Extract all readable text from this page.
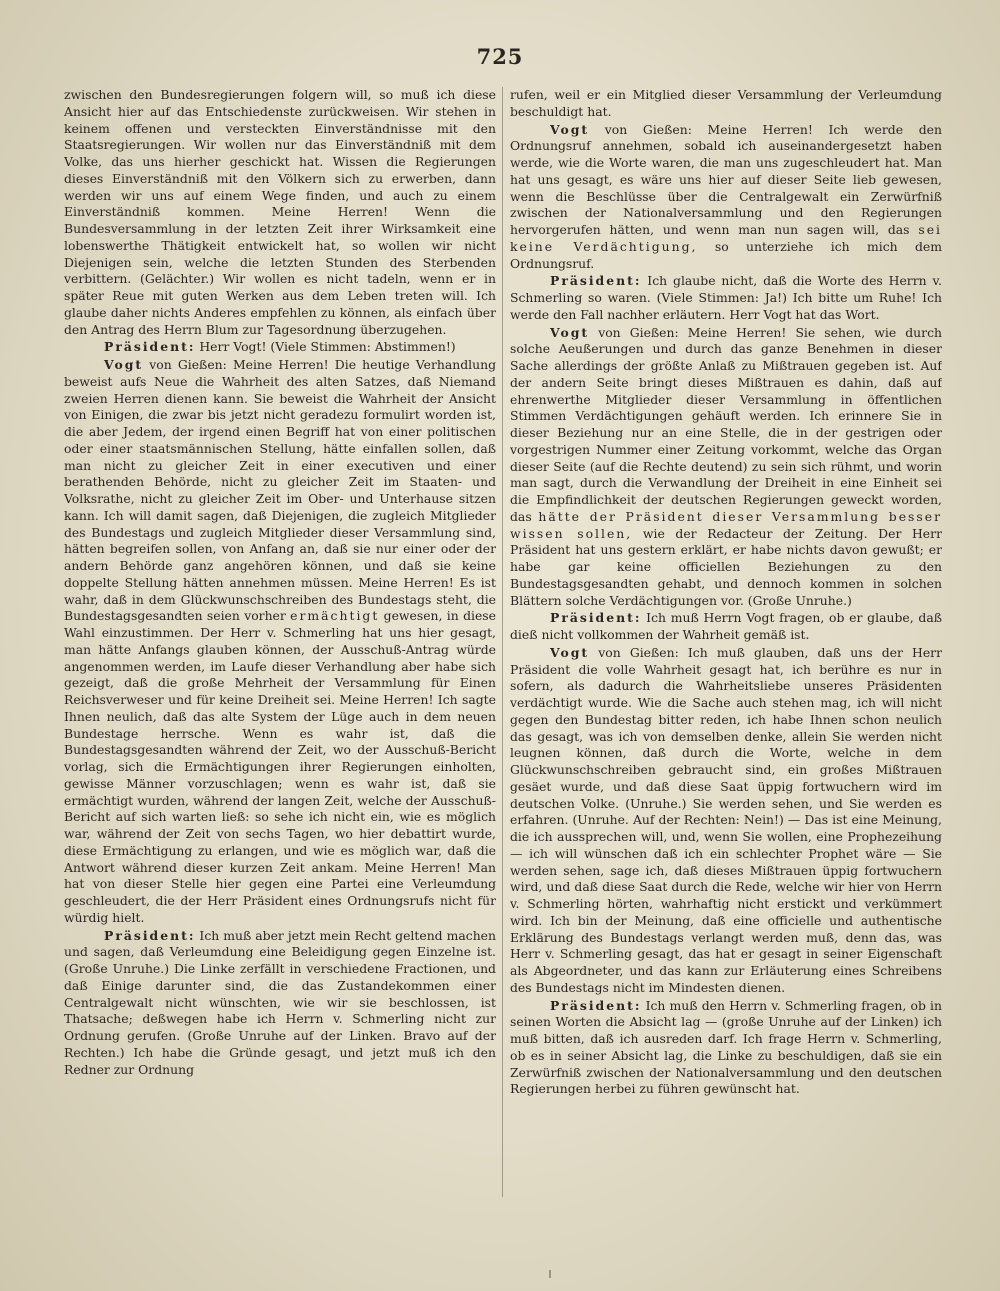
725

zwischen den Bundesregierungen folgern will, so muß ich diese Ansicht hier auf das Entschiedenste zurückweisen. Wir stehen in keinem offenen und versteckten Einverständnisse mit den Staatsregierungen. Wir wollen nur das Einverständniß mit dem Volke, das uns hierher geschickt hat. Wissen die Regierungen dieses Einverständniß mit den Völkern sich zu erwerben, dann werden wir uns auf einem Wege finden, und auch zu einem Einverständniß kommen. Meine Herren! Wenn die Bundesversammlung in der letzten Zeit ihrer Wirksamkeit eine lobenswerthe Thätigkeit entwickelt hat, so wollen wir nicht Diejenigen sein, welche die letzten Stunden des Sterbenden verbittern. (Gelächter.) Wir wollen es nicht tadeln, wenn er in später Reue mit guten Werken aus dem Leben treten will. Ich glaube daher nichts Anderes empfehlen zu können, als einfach über den Antrag des Herrn Blum zur Tagesordnung überzugehen.

Präsident: Herr Vogt! (Viele Stimmen: Abstimmen!)

Vogt von Gießen: Meine Herren! Die heutige Verhandlung beweist aufs Neue die Wahrheit des alten Satzes, daß Niemand zweien Herren dienen kann. Sie beweist die Wahrheit der Ansicht von Einigen, die zwar bis jetzt nicht geradezu formulirt worden ist, die aber Jedem, der irgend einen Begriff hat von einer politischen oder einer staatsmännischen Stellung, hätte einfallen sollen, daß man nicht zu gleicher Zeit in einer executiven und einer berathenden Behörde, nicht zu gleicher Zeit im Staaten- und Volksrathe, nicht zu gleicher Zeit im Ober- und Unterhause sitzen kann. Ich will damit sagen, daß Diejenigen, die zugleich Mitglieder des Bundestags und zugleich Mitglieder dieser Versammlung sind, hätten begreifen sollen, von Anfang an, daß sie nur einer oder der andern Behörde ganz angehören können, und daß sie keine doppelte Stellung hätten annehmen müssen. Meine Herren! Es ist wahr, daß in dem Glückwunschschreiben des Bundestags steht, die Bundestagsgesandten seien vorher ermächtigt gewesen, in diese Wahl einzustimmen. Der Herr v. Schmerling hat uns hier gesagt, man hätte Anfangs glauben können, der Ausschuß-Antrag würde angenommen werden, im Laufe dieser Verhandlung aber habe sich gezeigt, daß die große Mehrheit der Versammlung für Einen Reichsverweser und für keine Dreiheit sei. Meine Herren! Ich sagte Ihnen neulich, daß das alte System der Lüge auch in dem neuen Bundestage herrsche. Wenn es wahr ist, daß die Bundestagsgesandten während der Zeit, wo der Ausschuß-Bericht vorlag, sich die Ermächtigungen ihrer Regierungen einholten, gewisse Männer vorzuschlagen; wenn es wahr ist, daß sie ermächtigt wurden, während der langen Zeit, welche der Ausschuß-Bericht auf sich warten ließ: so sehe ich nicht ein, wie es möglich war, während der Zeit von sechs Tagen, wo hier debattirt wurde, diese Ermächtigung zu erlangen, und wie es möglich war, daß die Antwort während dieser kurzen Zeit ankam. Meine Herren! Man hat von dieser Stelle hier gegen eine Partei eine Verleumdung geschleudert, die der Herr Präsident eines Ordnungsrufs nicht für würdig hielt.

Präsident: Ich muß aber jetzt mein Recht geltend machen und sagen, daß Verleumdung eine Beleidigung gegen Einzelne ist. (Große Unruhe.) Die Linke zerfällt in verschiedene Fractionen, und daß Einige darunter sind, die das Zustandekommen einer Centralgewalt nicht wünschten, wie wir sie beschlossen, ist Thatsache; deßwegen habe ich Herrn v. Schmerling nicht zur Ordnung gerufen. (Große Unruhe auf der Linken. Bravo auf der Rechten.) Ich habe die Gründe gesagt, und jetzt muß ich den Redner zur Ordnung

rufen, weil er ein Mitglied dieser Versammlung der Verleumdung beschuldigt hat.

Vogt von Gießen: Meine Herren! Ich werde den Ordnungsruf annehmen, sobald ich auseinandergesetzt haben werde, wie die Worte waren, die man uns zugeschleudert hat. Man hat uns gesagt, es wäre uns hier auf dieser Seite lieb gewesen, wenn die Beschlüsse über die Centralgewalt ein Zerwürfniß zwischen der Nationalversammlung und den Regierungen hervorgerufen hätten, und wenn man nun sagen will, das sei keine Verdächtigung, so unterziehe ich mich dem Ordnungsruf.

Präsident: Ich glaube nicht, daß die Worte des Herrn v. Schmerling so waren. (Viele Stimmen: Ja!) Ich bitte um Ruhe! Ich werde den Fall nachher erläutern. Herr Vogt hat das Wort.

Vogt von Gießen: Meine Herren! Sie sehen, wie durch solche Aeußerungen und durch das ganze Benehmen in dieser Sache allerdings der größte Anlaß zu Mißtrauen gegeben ist. Auf der andern Seite bringt dieses Mißtrauen es dahin, daß auf ehrenwerthe Mitglieder dieser Versammlung in öffentlichen Stimmen Verdächtigungen gehäuft werden. Ich erinnere Sie in dieser Beziehung nur an eine Stelle, die in der gestrigen oder vorgestrigen Nummer einer Zeitung vorkommt, welche das Organ dieser Seite (auf die Rechte deutend) zu sein sich rühmt, und worin man sagt, durch die Verwandlung der Dreiheit in eine Einheit sei die Empfindlichkeit der deutschen Regierungen geweckt worden, das hätte der Präsident dieser Versammlung besser wissen sollen, wie der Redacteur der Zeitung. Der Herr Präsident hat uns gestern erklärt, er habe nichts davon gewußt; er habe gar keine officiellen Beziehungen zu den Bundestagsgesandten gehabt, und dennoch kommen in solchen Blättern solche Verdächtigungen vor. (Große Unruhe.)

Präsident: Ich muß Herrn Vogt fragen, ob er glaube, daß dieß nicht vollkommen der Wahrheit gemäß ist.

Vogt von Gießen: Ich muß glauben, daß uns der Herr Präsident die volle Wahrheit gesagt hat, ich berühre es nur in sofern, als dadurch die Wahrheitsliebe unseres Präsidenten verdächtigt wurde. Wie die Sache auch stehen mag, ich will nicht gegen den Bundestag bitter reden, ich habe Ihnen schon neulich das gesagt, was ich von demselben denke, allein Sie werden nicht leugnen können, daß durch die Worte, welche in dem Glückwunschschreiben gebraucht sind, ein großes Mißtrauen gesäet wurde, und daß diese Saat üppig fortwuchern wird im deutschen Volke. (Unruhe.) Sie werden sehen, und Sie werden es erfahren. (Unruhe. Auf der Rechten: Nein!) — Das ist eine Meinung, die ich aussprechen will, und, wenn Sie wollen, eine Prophezeihung — ich will wünschen daß ich ein schlechter Prophet wäre — Sie werden sehen, sage ich, daß dieses Mißtrauen üppig fortwuchern wird, und daß diese Saat durch die Rede, welche wir hier von Herrn v. Schmerling hörten, wahrhaftig nicht erstickt und verkümmert wird. Ich bin der Meinung, daß eine officielle und authentische Erklärung des Bundestags verlangt werden muß, denn das, was Herr v. Schmerling gesagt, das hat er gesagt in seiner Eigenschaft als Abgeordneter, und das kann zur Erläuterung eines Schreibens des Bundestags nicht im Mindesten dienen.

Präsident: Ich muß den Herrn v. Schmerling fragen, ob in seinen Worten die Absicht lag — (große Unruhe auf der Linken) ich muß bitten, daß ich ausreden darf. Ich frage Herrn v. Schmerling, ob es in seiner Absicht lag, die Linke zu beschuldigen, daß sie ein Zerwürfniß zwischen der Nationalversammlung und den deutschen Regierungen herbei zu führen gewünscht hat.
